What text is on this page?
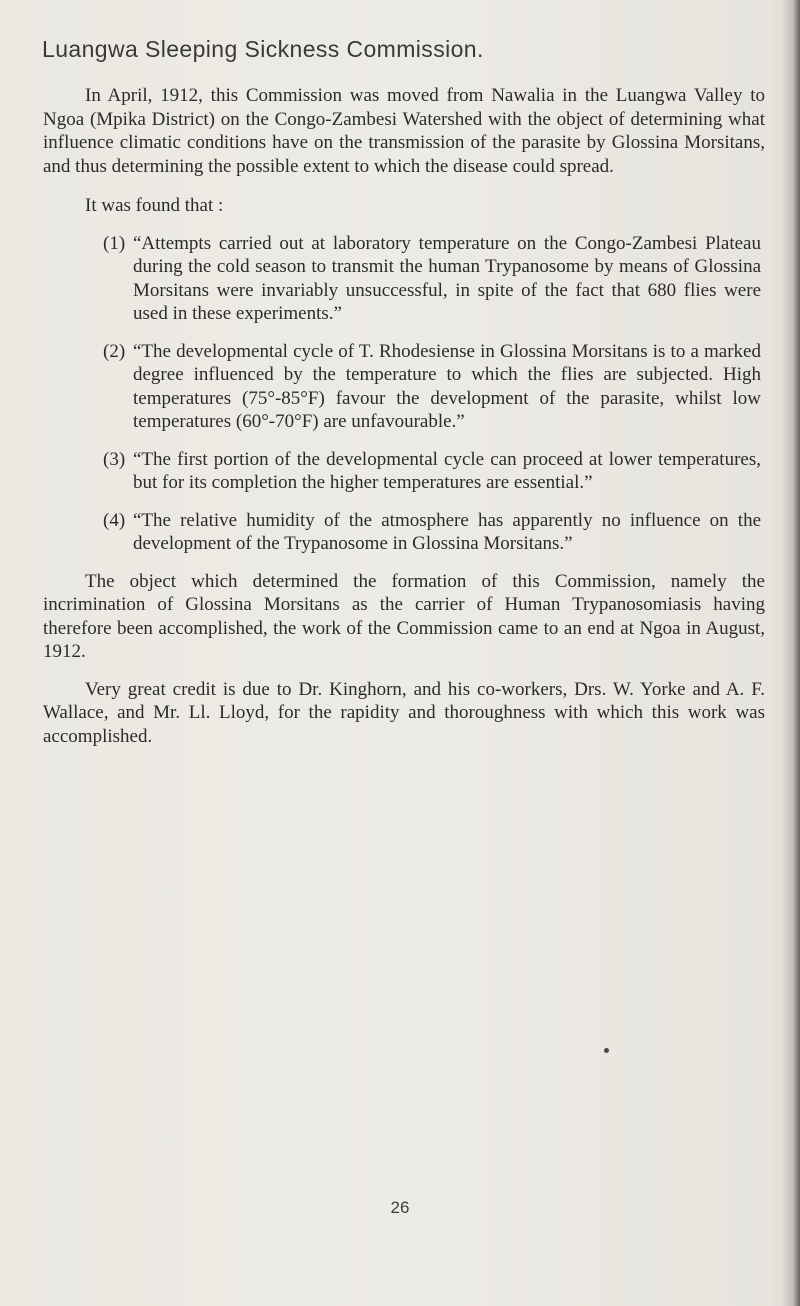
Luangwa Sleeping Sickness Commission.

In April, 1912, this Commission was moved from Nawalia in the Luangwa Valley to Ngoa (Mpika District) on the Congo-Zambesi Watershed with the object of determining what influence climatic conditions have on the transmission of the parasite by Glossina Morsitans, and thus determining the possible extent to which the disease could spread.

It was found that :

(1) “Attempts carried out at laboratory temperature on the Congo-Zambesi Plateau during the cold season to transmit the human Trypanosome by means of Glossina Morsitans were invariably unsuccessful, in spite of the fact that 680 flies were used in these experiments.”

(2) “The developmental cycle of T. Rhodesiense in Glossina Morsitans is to a marked degree influenced by the temperature to which the flies are subjected. High temperatures (75°-85°F) favour the development of the parasite, whilst low temperatures (60°-70°F) are unfavourable.”

(3) “The first portion of the developmental cycle can proceed at lower temperatures, but for its completion the higher temperatures are essential.”

(4) “The relative humidity of the atmosphere has apparently no influence on the development of the Trypanosome in Glossina Morsitans.”

The object which determined the formation of this Commission, namely the incrimination of Glossina Morsitans as the carrier of Human Trypanosomiasis having therefore been accomplished, the work of the Commission came to an end at Ngoa in August, 1912.

Very great credit is due to Dr. Kinghorn, and his co-workers, Drs. W. Yorke and A. F. Wallace, and Mr. Ll. Lloyd, for the rapidity and thoroughness with which this work was accomplished.

26
